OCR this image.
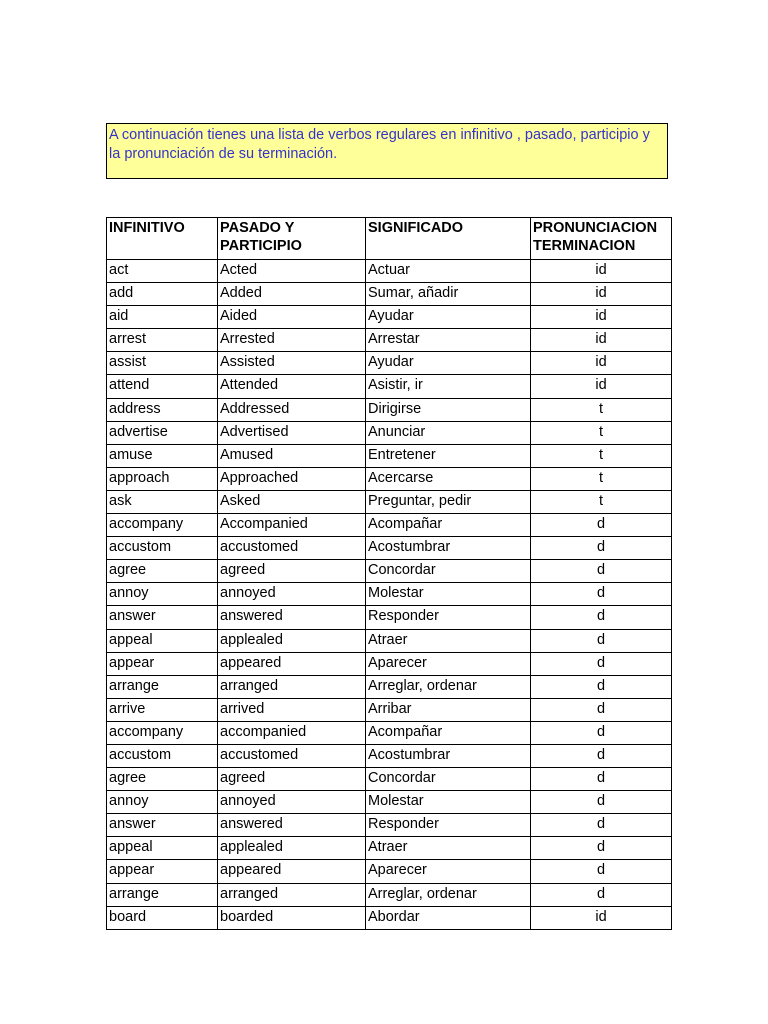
A continuación tienes una lista de verbos regulares en infinitivo , pasado, participio y la pronunciación de su terminación.

INFINITIVO	PASADO Y PARTICIPIO	SIGNIFICADO	PRONUNCIACION TERMINACION
act	Acted	Actuar	id
add	Added	Sumar, añadir	id
aid	Aided	Ayudar	id
arrest	Arrested	Arrestar	id
assist	Assisted	Ayudar	id
attend	Attended	Asistir, ir	id
address	Addressed	Dirigirse	t
advertise	Advertised	Anunciar	t
amuse	Amused	Entretener	t
approach	Approached	Acercarse	t
ask	Asked	Preguntar, pedir	t
accompany	Accompanied	Acompañar	d
accustom	accustomed	Acostumbrar	d
agree	agreed	Concordar	d
annoy	annoyed	Molestar	d
answer	answered	Responder	d
appeal	applealed	Atraer	d
appear	appeared	Aparecer	d
arrange	arranged	Arreglar, ordenar	d
arrive	arrived	Arribar	d
accompany	accompanied	Acompañar	d
accustom	accustomed	Acostumbrar	d
agree	agreed	Concordar	d
annoy	annoyed	Molestar	d
answer	answered	Responder	d
appeal	applealed	Atraer	d
appear	appeared	Aparecer	d
arrange	arranged	Arreglar, ordenar	d
board	boarded	Abordar	id
